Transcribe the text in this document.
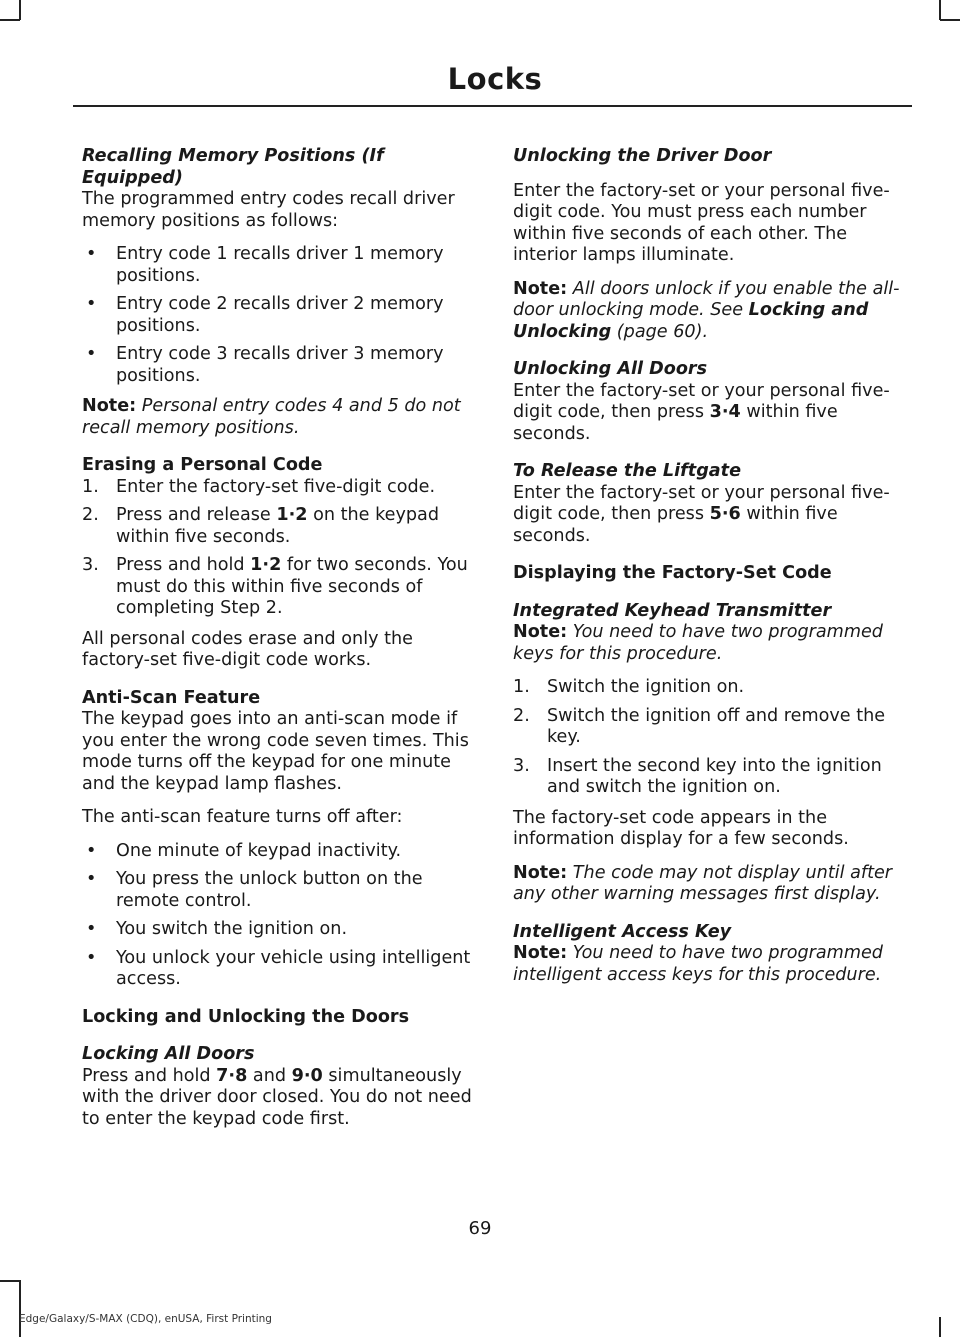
Locks

Recalling Memory Positions (If Equipped)

The programmed entry codes recall driver memory positions as follows:

•	Entry code 1 recalls driver 1 memory positions.
•	Entry code 2 recalls driver 2 memory positions.
•	Entry code 3 recalls driver 3 memory positions.

Note: Personal entry codes 4 and 5 do not recall memory positions.

Erasing a Personal Code

1. Enter the factory-set five-digit code.
2. Press and release 1·2 on the keypad within five seconds.
3. Press and hold 1·2 for two seconds. You must do this within five seconds of completing Step 2.

All personal codes erase and only the factory-set five-digit code works.

Anti-Scan Feature

The keypad goes into an anti-scan mode if you enter the wrong code seven times. This mode turns off the keypad for one minute and the keypad lamp flashes.

The anti-scan feature turns off after:

•	One minute of keypad inactivity.
•	You press the unlock button on the remote control.
•	You switch the ignition on.
•	You unlock your vehicle using intelligent access.

Locking and Unlocking the Doors

Locking All Doors

Press and hold 7·8 and 9·0 simultaneously with the driver door closed. You do not need to enter the keypad code first.

Unlocking the Driver Door

Enter the factory-set or your personal five-digit code. You must press each number within five seconds of each other. The interior lamps illuminate.

Note: All doors unlock if you enable the all-door unlocking mode. See Locking and Unlocking (page 60).

Unlocking All Doors

Enter the factory-set or your personal five-digit code, then press 3·4 within five seconds.

To Release the Liftgate

Enter the factory-set or your personal five-digit code, then press 5·6 within five seconds.

Displaying the Factory-Set Code

Integrated Keyhead Transmitter

Note: You need to have two programmed keys for this procedure.

1. Switch the ignition on.
2. Switch the ignition off and remove the key.
3. Insert the second key into the ignition and switch the ignition on.

The factory-set code appears in the information display for a few seconds.

Note: The code may not display until after any other warning messages first display.

Intelligent Access Key

Note: You need to have two programmed intelligent access keys for this procedure.

69
Edge/Galaxy/S-MAX (CDQ), enUSA, First Printing
